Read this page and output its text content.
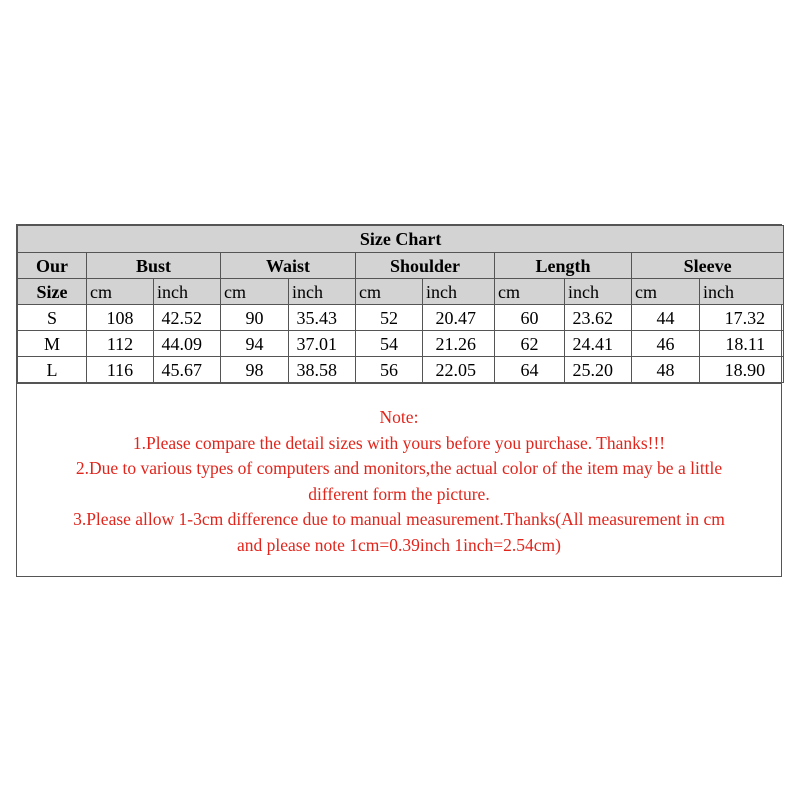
Size Chart										
Our	Bust		Waist		Shoulder		Length		Sleeve	
Size	cm	inch	cm	inch	cm	inch	cm	inch	cm	inch
S	108	42.52	90	35.43	52	20.47	60	23.62	44	17.32
M	112	44.09	94	37.01	54	21.26	62	24.41	46	18.11
L	116	45.67	98	38.58	56	22.05	64	25.20	48	18.90
Note:
1.Please compare the detail sizes with yours before you purchase. Thanks!!!
2.Due to various types of computers and monitors,the actual color of the item may be a little
different form the picture.
3.Please allow 1-3cm difference due to manual measurement.Thanks(All measurement in cm
and please note 1cm=0.39inch 1inch=2.54cm)
